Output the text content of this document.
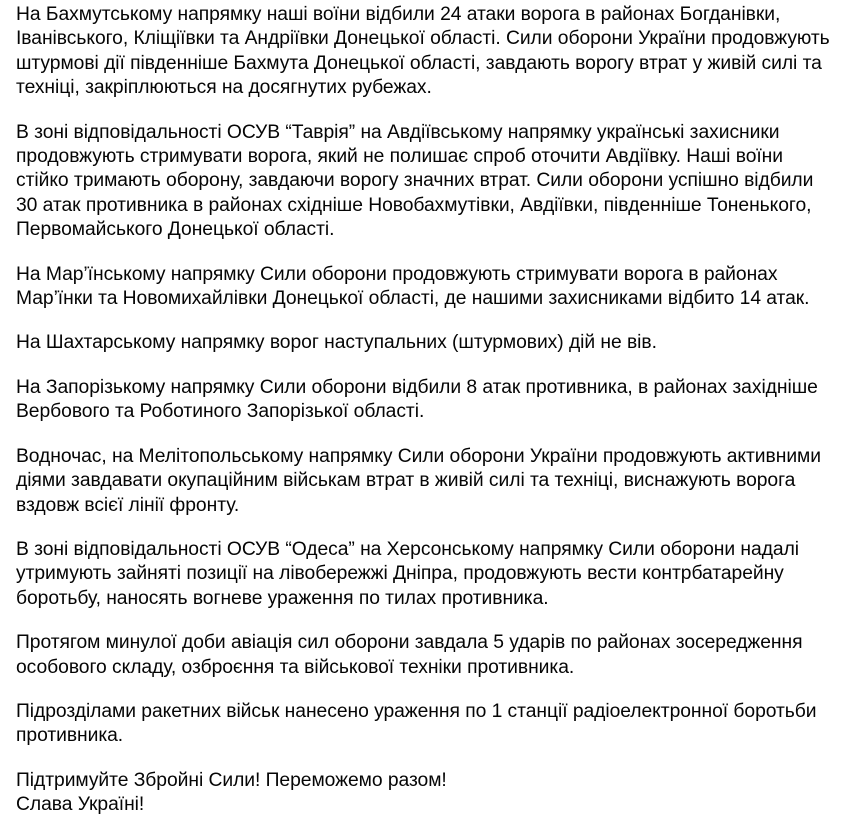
На Бахмутському напрямку наші воїни відбили 24 атаки ворога в районах Богданівки,
Іванівського, Кліщіївки та Андріївки Донецької області. Сили оборони України продовжують
штурмові дії південніше Бахмута Донецької області, завдають ворогу втрат у живій силі та
техніці, закріплюються на досягнутих рубежах.

В зоні відповідальності ОСУВ “Таврія” на Авдіївському напрямку українські захисники
продовжують стримувати ворога, який не полишає спроб оточити Авдіївку. Наші воїни
стійко тримають оборону, завдаючи ворогу значних втрат. Сили оборони успішно відбили
30 атак противника в районах східніше Новобахмутівки, Авдіївки, південніше Тоненького,
Первомайського Донецької області.

На Мар’їнському напрямку Сили оборони продовжують стримувати ворога в районах
Мар’їнки та Новомихайлівки Донецької області, де нашими захисниками відбито 14 атак.

На Шахтарському напрямку ворог наступальних (штурмових) дій не вів.

На Запорізькому напрямку Сили оборони відбили 8 атак противника, в районах західніше
Вербового та Роботиного Запорізької області.

Водночас, на Мелітопольському напрямку Сили оборони України продовжують активними
діями завдавати окупаційним військам втрат в живій силі та техніці, виснажують ворога
вздовж всієї лінії фронту.

В зоні відповідальності ОСУВ “Одеса” на Херсонському напрямку Сили оборони надалі
утримують зайняті позиції на лівобережжі Дніпра, продовжують вести контрбатарейну
боротьбу, наносять вогневе ураження по тилах противника.

Протягом минулої доби авіація сил оборони завдала 5 ударів по районах зосередження
особового складу, озброєння та військової техніки противника.

Підрозділами ракетних військ нанесено ураження по 1 станції радіоелектронної боротьби
противника.

Підтримуйте Збройні Сили! Переможемо разом!
Слава Україні!
